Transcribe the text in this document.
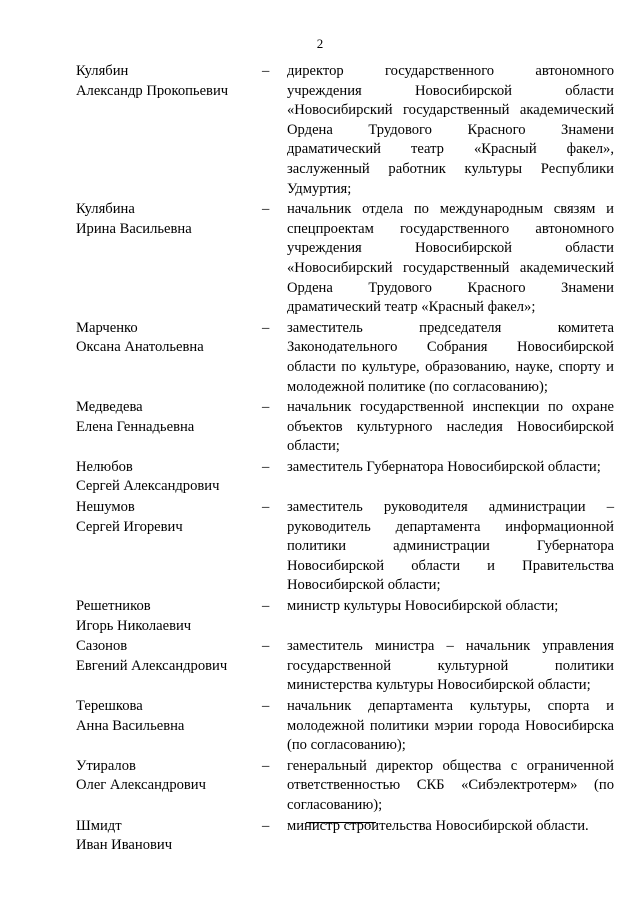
2
Кулябин
Александр Прокопьевич
–	директор государственного автономного учреждения Новосибирской области «Новосибирский государственный академический Ордена Трудового Красного Знамени драматический театр «Красный факел», заслуженный работник культуры Республики Удмуртия;
Кулябина
Ирина Васильевна
–	начальник отдела по международным связям и спецпроектам государственного автономного учреждения Новосибирской области «Новосибирский государственный академический Ордена Трудового Красного Знамени драматический театр «Красный факел»;
Марченко
Оксана Анатольевна
–	заместитель председателя комитета Законодательного Собрания Новосибирской области по культуре, образованию, науке, спорту и молодежной политике (по согласованию);
Медведева
Елена Геннадьевна
–	начальник государственной инспекции по охране объектов культурного наследия Новосибирской области;
Нелюбов
Сергей Александрович
–	заместитель Губернатора Новосибирской области;
Нешумов
Сергей Игоревич
–	заместитель руководителя администрации – руководитель департамента информационной политики администрации Губернатора Новосибирской области и Правительства Новосибирской области;
Решетников
Игорь Николаевич
–	министр культуры Новосибирской области;
Сазонов
Евгений Александрович
–	заместитель министра – начальник управления государственной культурной политики министерства культуры Новосибирской области;
Терешкова
Анна Васильевна
–	начальник департамента культуры, спорта и молодежной политики мэрии города Новосибирска (по согласованию);
Утиралов
Олег Александрович
–	генеральный директор общества с ограниченной ответственностью СКБ «Сибэлектротерм» (по согласованию);
Шмидт
Иван Иванович
–	министр строительства Новосибирской области.
